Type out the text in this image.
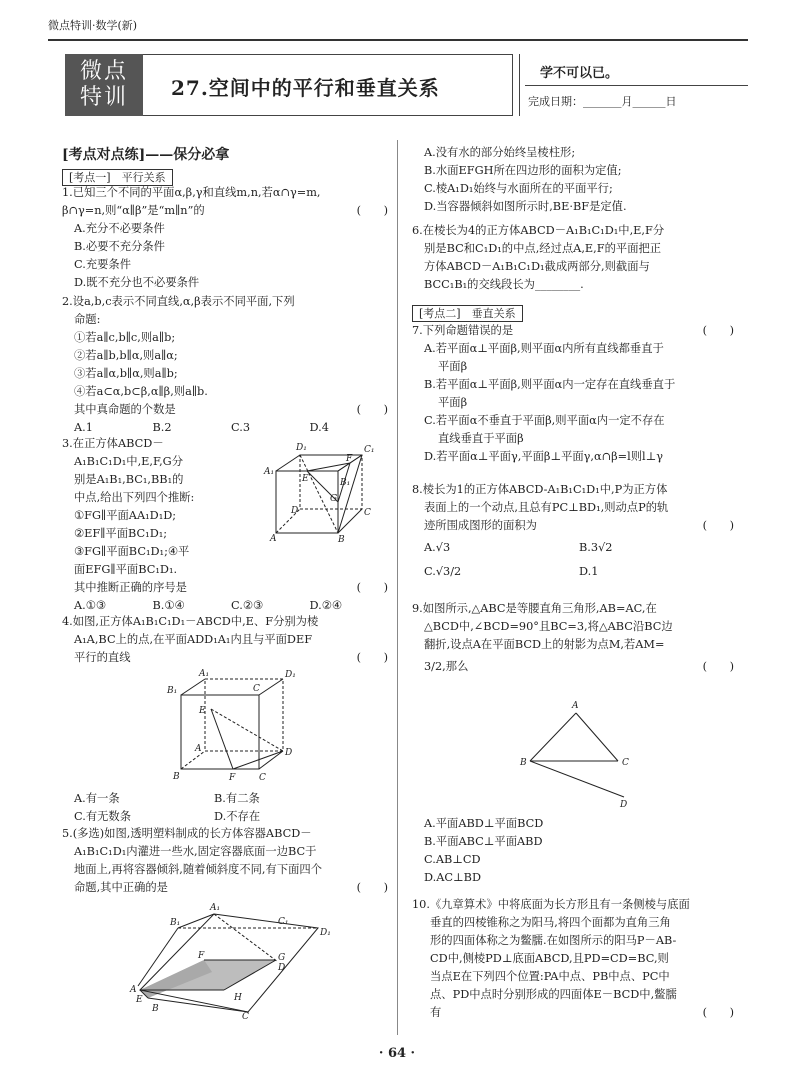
微点特训·数学(新)
微点
特训	27.空间中的平行和垂直关系
学不可以已。
完成日期：_______月______日
[考点对点练]——保分必拿
[考点一]　平行关系

1.已知三个不同的平面α,β,γ和直线m,n,若α∩γ=m,

β∩γ=n,则“α∥β”是“m∥n”的	(　　)

A.充分不必要条件

B.必要不充分条件

C.充要条件

D.既不充分也不必要条件

2.设a,b,c表示不同直线,α,β表示不同平面,下列

命题:

①若a∥c,b∥c,则a∥b;

②若a∥b,b∥α,则a∥α;

③若a∥α,b∥α,则a∥b;

④若a⊂α,b⊂β,α∥β,则a∥b.

其中真命题的个数是	(　　)

A.1	B.2	C.3	D.4

3.在正方体ABCD－

A₁B₁C₁D₁中,E,F,G分

别是A₁B₁,BC₁,BB₁的

中点,给出下列四个推断:

①FG∥平面AA₁D₁D;

②EF∥平面BC₁D₁;

③FG∥平面BC₁D₁;④平

面EFG∥平面BC₁D₁.

其中推断正确的序号是	(　　)

A.①③	B.①④	C.②③	D.②④

D₁	C₁
A₁
B₁
E
F
G
D	C
A	B

4.如图,正方体A₁B₁C₁D₁－ABCD中,E、F分别为棱

A₁A,BC上的点,在平面ADD₁A₁内且与平面DEF

平行的直线	(　　)

A₁	D₁
B₁	C
E
A	D
B	F	C

A.有一条	B.有二条

C.有无数条	D.不存在

5.(多选)如图,透明塑料制成的长方体容器ABCD－

A₁B₁C₁D₁内灌进一些水,固定容器底面一边BC于

地面上,再将容器倾斜,随着倾斜度不同,有下面四个

命题,其中正确的是	(　　)

A₁
D₁
B₁	C₁
D
F	G
A
E
B
H
C

A.没有水的部分始终呈棱柱形;

B.水面EFGH所在四边形的面积为定值;

C.棱A₁D₁始终与水面所在的平面平行;

D.当容器倾斜如图所示时,BE·BF是定值.

6.在棱长为4的正方体ABCD－A₁B₁C₁D₁中,E,F分

别是BC和C₁D₁的中点,经过点A,E,F的平面把正

方体ABCD－A₁B₁C₁D₁截成两部分,则截面与

BCC₁B₁的交线段长为________.

[考点二]　垂直关系

7.下列命题错误的是	(　　)

A.若平面α⊥平面β,则平面α内所有直线都垂直于

平面β

B.若平面α⊥平面β,则平面α内一定存在直线垂直于

平面β

C.若平面α不垂直于平面β,则平面α内一定不存在

直线垂直于平面β

D.若平面α⊥平面γ,平面β⊥平面γ,α∩β=l则l⊥γ

8.棱长为1的正方体ABCD-A₁B₁C₁D₁中,P为正方体

表面上的一个动点,且总有PC⊥BD₁,则动点P的轨

迹所围成图形的面积为	(　　)

A.√3	B.3√2

C.√3/2	D.1

9.如图所示,△ABC是等腰直角三角形,AB=AC,在

△BCD中,∠BCD=90°且BC=3,将△ABC沿BC边

翻折,设点A在平面BCD上的射影为点M,若AM=

3/2,那么	(　　)

A
B	C
D

A.平面ABD⊥平面BCD

B.平面ABC⊥平面ABD

C.AB⊥CD

D.AC⊥BD

10.《九章算术》中将底面为长方形且有一条侧棱与底面

垂直的四棱锥称之为阳马,将四个面都为直角三角

形的四面体称之为鳖臑.在如图所示的阳马P－AB-

CD中,侧棱PD⊥底面ABCD,且PD=CD=BC,则

当点E在下列四个位置:PA中点、PB中点、PC中

点、PD中点时分别形成的四面体E－BCD中,鳖臑

有	(　　)

· 64 ·
